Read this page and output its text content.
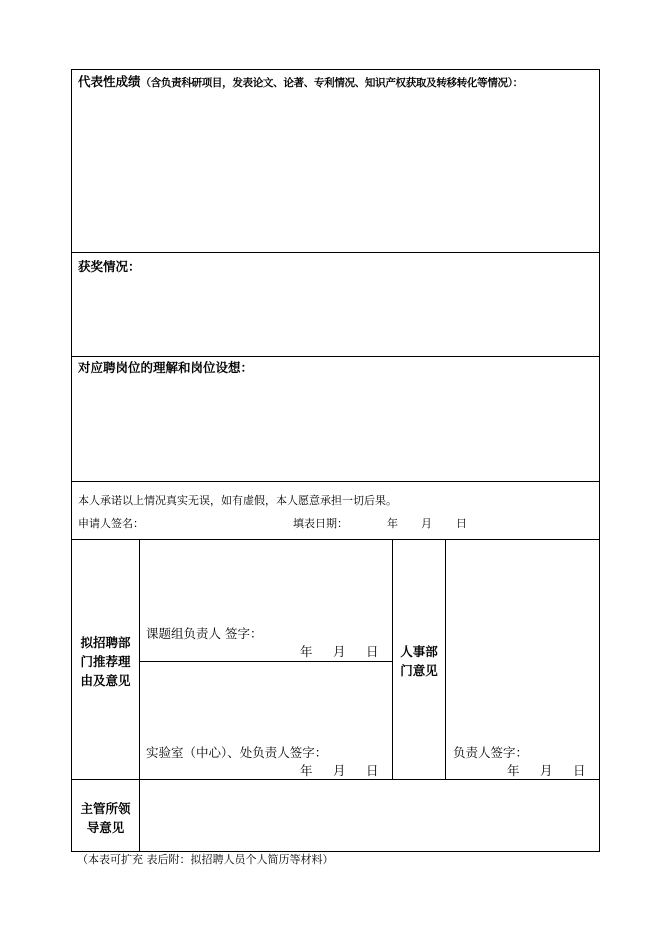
代表性成绩（含负责科研项目，发表论文、论著、专利情况、知识产权获取及转移转化等情况）：
获奖情况：
对应聘岗位的理解和岗位设想：
本人承诺以上情况真实无误，如有虚假，本人愿意承担一切后果。
申请人签名：	填表日期：	年 月 日
拟招聘部
门推荐理
由及意见
课题组负责人 签字：
年 月 日
实验室（中心）、处负责人签字：
年 月 日
人事部
门意见
负责人签字：
年 月 日
主管所领
导意见
（本表可扩充 表后附：拟招聘人员个人简历等材料）
